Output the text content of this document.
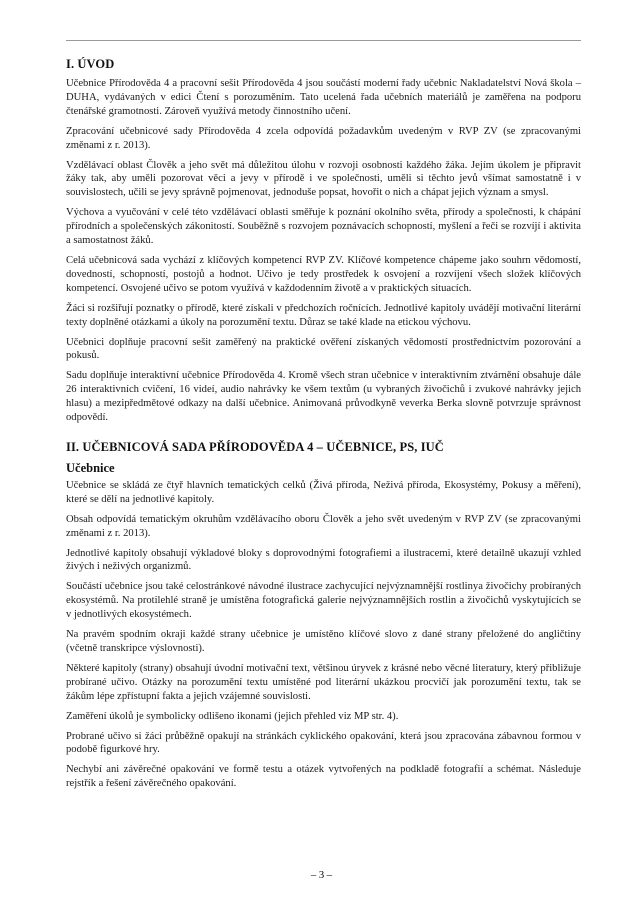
I. ÚVOD

Učebnice Přírodověda 4 a pracovní sešit Přírodověda 4 jsou součástí moderní řady učebnic Nakladatelství Nová škola – DUHA, vydávaných v edici Čtení s porozuměním. Tato ucelená řada učebních materiálů je zaměřena na podporu čtenářské gramotnosti. Zároveň využívá metody činnostního učení.

Zpracování učebnicové sady Přírodověda 4 zcela odpovídá požadavkům uvedeným v RVP ZV (se zpracovanými změnami z r. 2013).

Vzdělávací oblast Člověk a jeho svět má důležitou úlohu v rozvoji osobnosti každého žáka. Jejím úkolem je připravit žáky tak, aby uměli pozorovat věci a jevy v přírodě i ve společnosti, uměli si těchto jevů všímat samostatně i v souvislostech, učili se jevy správně pojmenovat, jednoduše popsat, hovořit o nich a chápat jejich význam a smysl.

Výchova a vyučování v celé této vzdělávací oblasti směřuje k poznání okolního světa, přírody a společnosti, k chápání přírodních a společenských zákonitostí. Souběžně s rozvojem poznávacích schopností, myšlení a řeči se rozvíjí i aktivita a samostatnost žáků.

Celá učebnicová sada vychází z klíčových kompetencí RVP ZV. Klíčové kompetence chápeme jako souhrn vědomostí, dovedností, schopností, postojů a hodnot. Učivo je tedy prostředek k osvojení a rozvíjení všech složek klíčových kompetencí. Osvojené učivo se potom využívá v každodenním životě a v praktických situacích.

Žáci si rozšiřují poznatky o přírodě, které získali v předchozích ročnících. Jednotlivé kapitoly uvádějí motivační literární texty doplněné otázkami a úkoly na porozumění textu. Důraz se také klade na etickou výchovu.

Učebnici doplňuje pracovní sešit zaměřený na praktické ověření získaných vědomostí prostřednictvím pozorování a pokusů.

Sadu doplňuje interaktivní učebnice Přírodověda 4. Kromě všech stran učebnice v interaktivním ztvárnění obsahuje dále 26 interaktivních cvičení, 16 videí, audio nahrávky ke všem textům (u vybraných živočichů i zvukové nahrávky jejich hlasu) a mezipředmětové odkazy na další učebnice. Animovaná průvodkyně veverka Berka slovně potvrzuje správnost odpovědí.

II. UČEBNICOVÁ SADA PŘÍRODOVĚDA 4 – UČEBNICE, PS, IUČ
Učebnice

Učebnice se skládá ze čtyř hlavních tematických celků (Živá příroda, Neživá příroda, Ekosystémy, Pokusy a měření), které se dělí na jednotlivé kapitoly.

Obsah odpovídá tematickým okruhům vzdělávacího oboru Člověk a jeho svět uvedeným v RVP ZV (se zpracovanými změnami z r. 2013).

Jednotlivé kapitoly obsahují výkladové bloky s doprovodnými fotografiemi a ilustracemi, které detailně ukazují vzhled živých i neživých organizmů.

Součástí učebnice jsou také celostránkové návodné ilustrace zachycující nejvýznamnější rostlinya živočichy probíraných ekosystémů. Na protilehlé straně je umístěna fotografická galerie nejvýznamnějších rostlin a živočichů vyskytujících se v jednotlivých ekosystémech.

Na pravém spodním okraji každé strany učebnice je umístěno klíčové slovo z dané strany přeložené do angličtiny (včetně transkripce výslovnosti).

Některé kapitoly (strany) obsahují úvodní motivační text, většinou úryvek z krásné nebo věcné literatury, který přibližuje probírané učivo. Otázky na porozumění textu umístěné pod literární ukázkou procvičí jak porozumění textu, tak se žákům lépe zpřístupní fakta a jejich vzájemné souvislosti.

Zaměření úkolů je symbolicky odlišeno ikonami (jejich přehled viz MP str. 4).

Probrané učivo si žáci průběžně opakují na stránkách cyklického opakování, která jsou zpracována zábavnou formou v podobě figurkové hry.

Nechybí ani závěrečné opakování ve formě testu a otázek vytvořených na podkladě fotografií a schémat. Následuje rejstřík a řešení závěrečného opakování.

– 3 –
